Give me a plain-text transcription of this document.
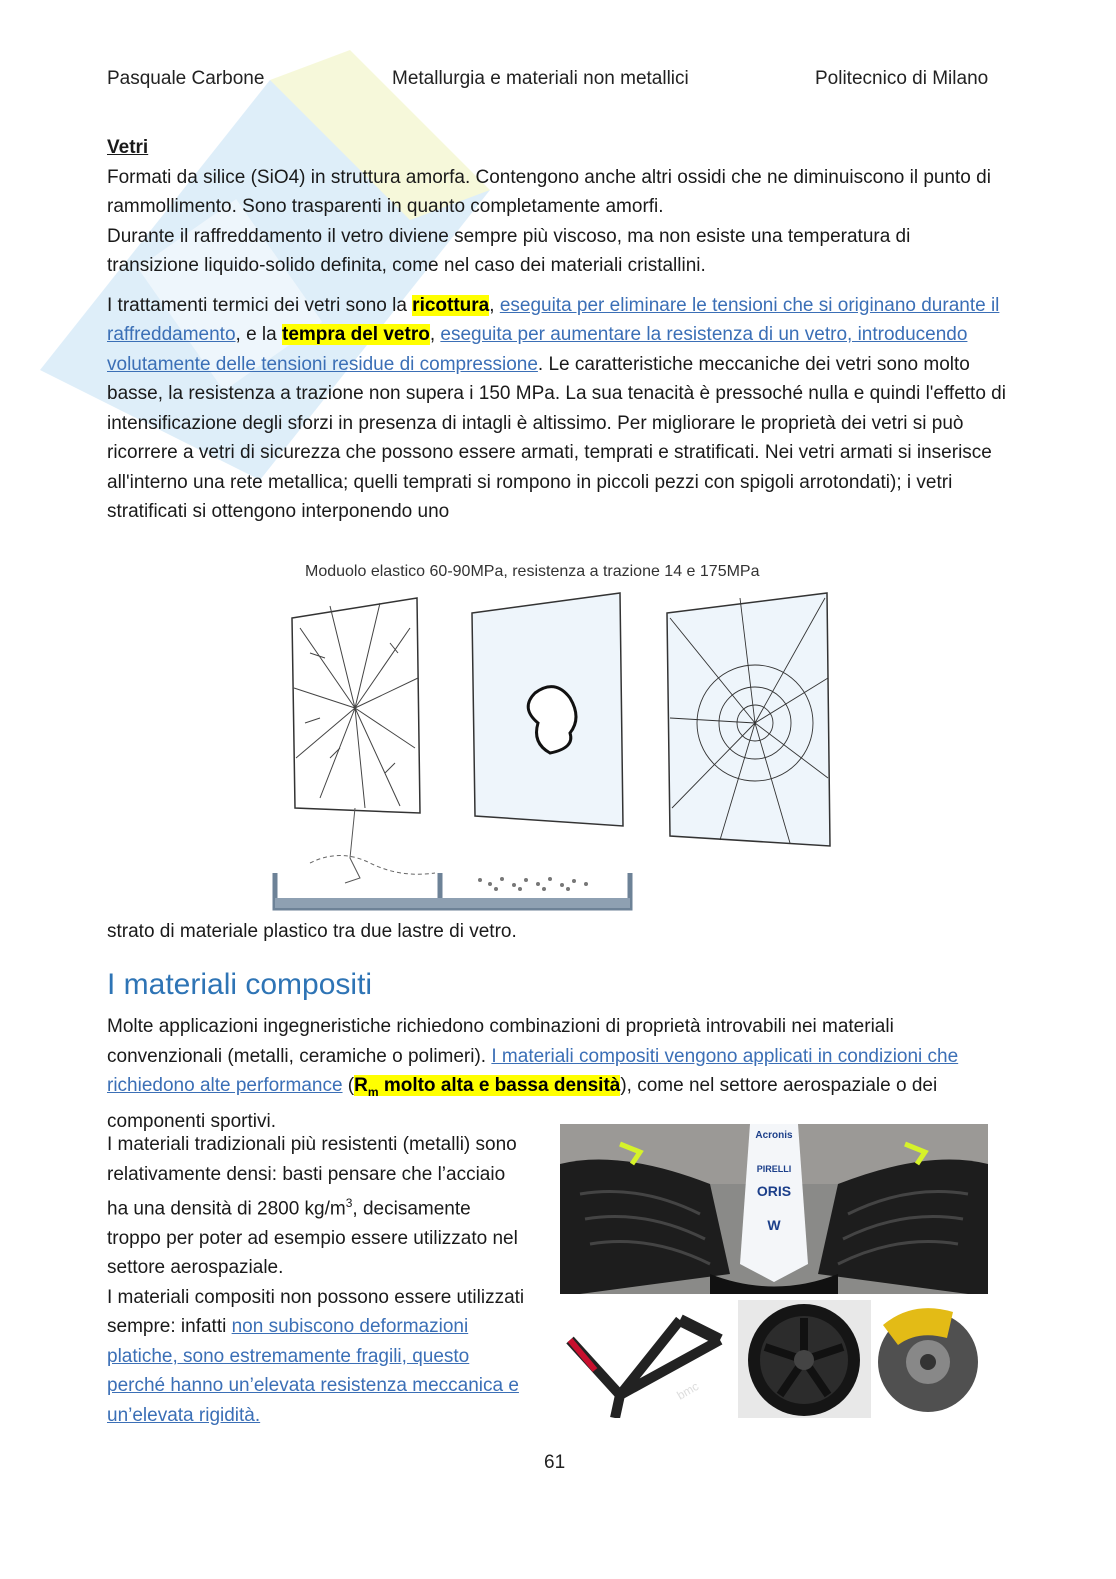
Pasquale Carbone	Metallurgia e materiali non metallici	Politecnico di Milano

Vetri

Formati da silice (SiO4) in struttura amorfa. Contengono anche altri ossidi che ne diminuiscono il punto di rammollimento. Sono trasparenti in quanto completamente amorfi.

Durante il raffreddamento il vetro diviene sempre più viscoso, ma non esiste una temperatura di transizione liquido-solido definita, come nel caso dei materiali cristallini.

I trattamenti termici dei vetri sono la ricottura, eseguita per eliminare le tensioni che si originano durante il raffreddamento, e la tempra del vetro, eseguita per aumentare la resistenza di un vetro, introducendo volutamente delle tensioni residue di compressione. Le caratteristiche meccaniche dei vetri sono molto basse, la resistenza a trazione non supera i 150 MPa. La sua tenacità è pressoché nulla e quindi l'effetto di intensificazione degli sforzi in presenza di intagli è altissimo. Per migliorare le proprietà dei vetri si può ricorrere a vetri di sicurezza che possono essere armati, temprati e stratificati. Nei vetri armati si inserisce all'interno una rete metallica; quelli temprati si rompono in piccoli pezzi con spigoli arrotondati); i vetri stratificati si ottengono interponendo uno

Moduolo elastico 60-90MPa, resistenza a trazione 14 e 175MPa

strato di materiale plastico tra due lastre di vetro.

I materiali compositi

Molte applicazioni ingegneristiche richiedono combinazioni di proprietà introvabili nei materiali convenzionali (metalli, ceramiche o polimeri). I materiali compositi vengono applicati in condizioni che richiedono alte performance ($R_m$ molto alta e bassa densità), come nel settore aerospaziale o dei componenti sportivi.

I materiali tradizionali più resistenti (metalli) sono relativamente densi: basti pensare che l’acciaio ha una densità di 2800 $kg/m^3$, decisamente troppo per poter ad esempio essere utilizzato nel settore aerospaziale.

I materiali compositi non possono essere utilizzati sempre: infatti non subiscono deformazioni platiche, sono estremamente fragili, questo perché hanno un’elevata resistenza meccanica e un’elevata rigidità.

Acronis
PIRELLI
ORIS
W
bmc
61
